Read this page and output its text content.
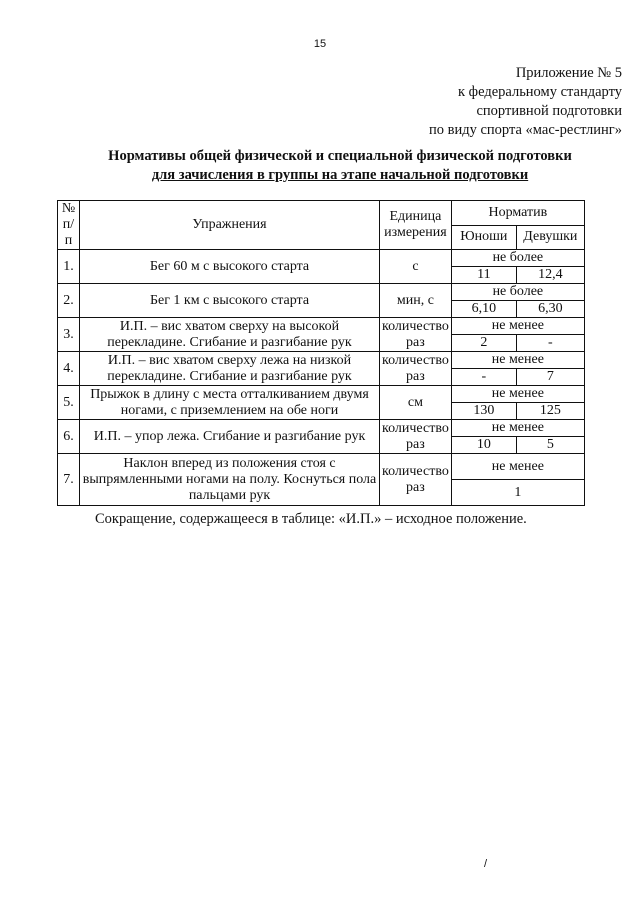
15
Приложение № 5
к федеральному стандарту
спортивной подготовки
по виду спорта «мас-рестлинг»
Нормативы общей физической и специальной физической подготовки
для зачисления в группы на этапе начальной подготовки
№ п/п	Упражнения	Единица измерения	Норматив	
			Юноши	Девушки
1.	Бег 60 м с высокого старта	с	не более	
			11	12,4
2.	Бег 1 км с высокого старта	мин, с	не более	
			6,10	6,30
3.	И.П. – вис хватом сверху на высокой перекладине. Сгибание и разгибание рук	количество раз	не менее	
			2	-
4.	И.П. – вис хватом сверху лежа на низкой перекладине. Сгибание и разгибание рук	количество раз	не менее	
			-	7
5.	Прыжок в длину с места отталкиванием двумя ногами, с приземлением на обе ноги	см	не менее	
			130	125
6.	И.П. – упор лежа. Сгибание и разгибание рук	количество раз	не менее	
			10	5
7.	Наклон вперед из положения стоя с выпрямленными ногами на полу. Коснуться пола пальцами рук	количество раз	не менее	
			1	
Сокращение, содержащееся в таблице: «И.П.» – исходное положение.
/
